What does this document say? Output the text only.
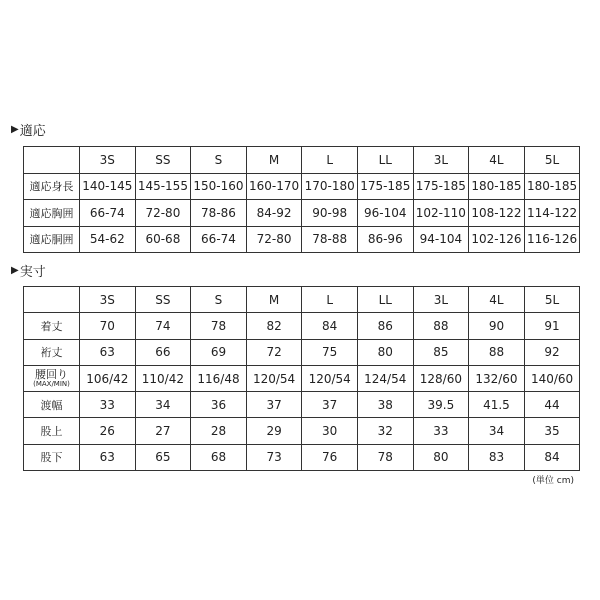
▶ 適応
	3S	SS	S	M	L	LL	3L	4L	5L
適応身長	140-145	145-155	150-160	160-170	170-180	175-185	175-185	180-185	180-185
適応胸囲	66-74	72-80	78-86	84-92	90-98	96-104	102-110	108-122	114-122
適応胴囲	54-62	60-68	66-74	72-80	78-88	86-96	94-104	102-126	116-126
▶ 実寸
	3S	SS	S	M	L	LL	3L	4L	5L
着丈	70	74	78	82	84	86	88	90	91
裄丈	63	66	69	72	75	80	85	88	92

腰回り
(MAX/MIN)	106/42	110/42	116/48	120/54	120/54	124/54	128/60	132/60	140/60
渡幅	33	34	36	37	37	38	39.5	41.5	44
股上	26	27	28	29	30	32	33	34	35
股下	63	65	68	73	76	78	80	83	84
(単位 cm)
